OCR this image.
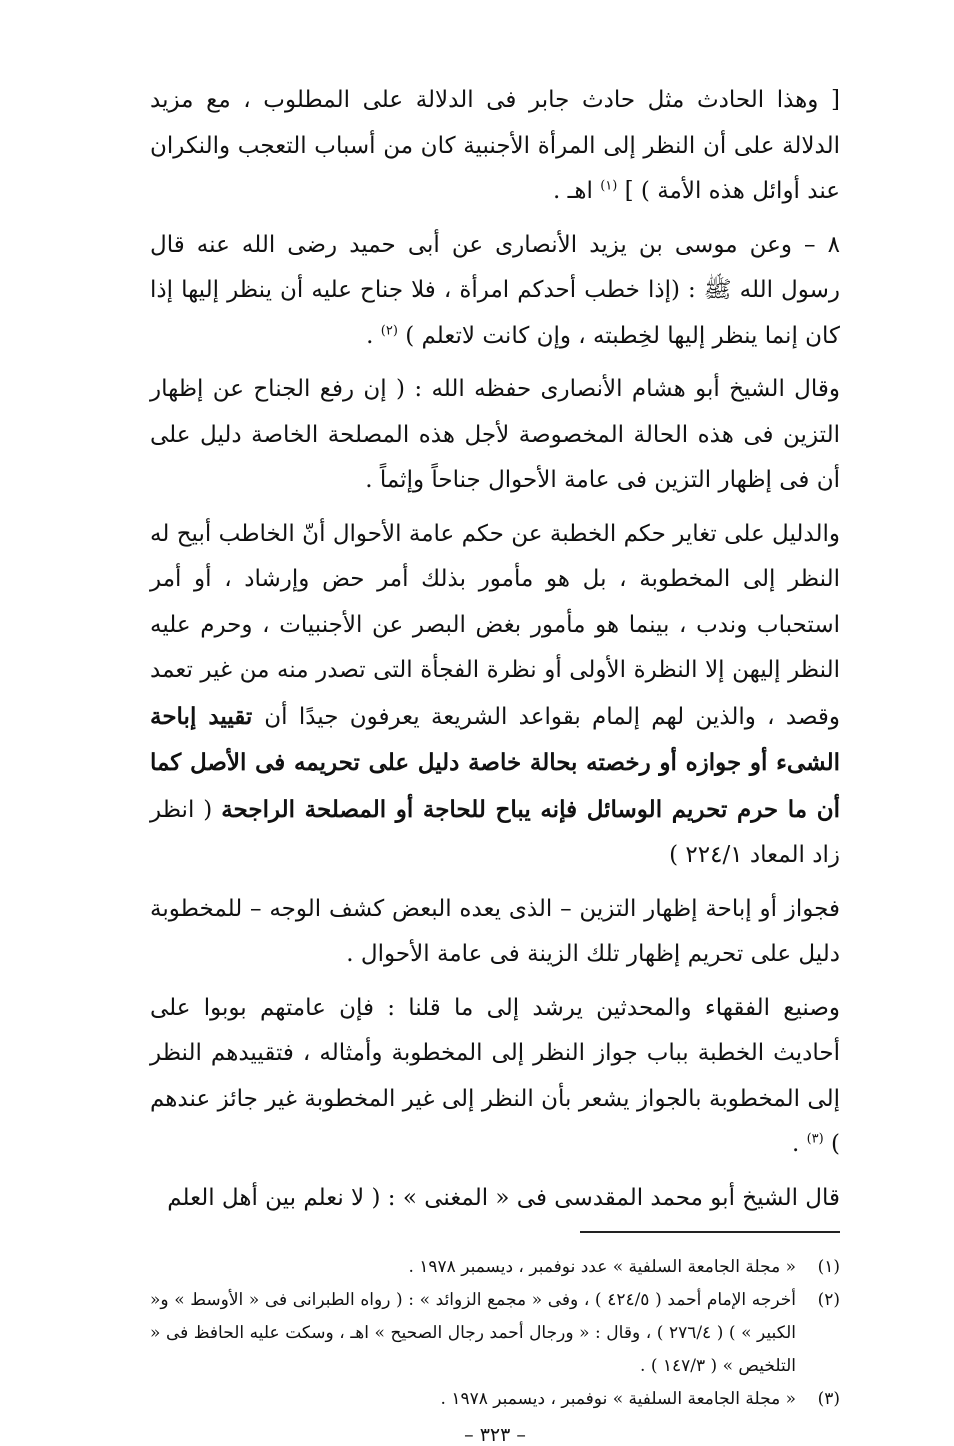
[ وهذا الحادث مثل حادث جابر فى الدلالة على المطلوب ، مع مزيد الدلالة على أن النظر إلى المرأة الأجنبية كان من أسباب التعجب والنكران عند أوائل هذه الأمة ) ] $^{(١)}$ اهـ .

٨ – وعن موسى بن يزيد الأنصارى عن أبى حميد رضى الله عنه قال رسول الله ﷺ : (إذا خطب أحدكم امرأة ، فلا جناح عليه أن ينظر إليها إذا كان إنما ينظر إليها لخِطبته ، وإن كانت لاتعلم ) $^{(٢)}$ .

وقال الشيخ أبو هشام الأنصارى حفظه الله : ( إن رفع الجناح عن إظهار التزين فى هذه الحالة المخصوصة لأجل هذه المصلحة الخاصة دليل على أن فى إظهار التزين فى عامة الأحوال جناحاً وإثماً .

والدليل على تغاير حكم الخطبة عن حكم عامة الأحوال أنّ الخاطب أبيح له النظر إلى المخطوبة ، بل هو مأمور بذلك أمر حض وإرشاد ، أو أمر استحباب وندب ، بينما هو مأمور بغض البصر عن الأجنبيات ، وحرم عليه النظر إليهن إلا النظرة الأولى أو نظرة الفجأة التى تصدر منه من غير تعمد وقصد ، والذين لهم إلمام بقواعد الشريعة يعرفون جيدًا أن تقييد إباحة الشىء أو جوازه أو رخصته بحالة خاصة دليل على تحريمه فى الأصل كما أن ما حرم تحريم الوسائل فإنه يباح للحاجة أو المصلحة الراجحة ( انظر زاد المعاد ٢٢٤/١ )

فجواز أو إباحة إظهار التزين – الذى يعده البعض كشف الوجه – للمخطوبة دليل على تحريم إظهار تلك الزينة فى عامة الأحوال .

وصنيع الفقهاء والمحدثين يرشد إلى ما قلنا : فإن عامتهم بوبوا على أحاديث الخطبة بباب جواز النظر إلى المخطوبة وأمثاله ، فتقييدهم النظر إلى المخطوبة بالجواز يشعر بأن النظر إلى غير المخطوبة غير جائز عندهم ) $^{(٣)}$ .

قال الشيخ أبو محمد المقدسى فى « المغنى » : ( لا نعلم بين أهل العلم

(١)
« مجلة الجامعة السلفية » عدد نوفمبر ، ديسمبر ١٩٧٨ .
(٢)
أخرجه الإمام أحمد ( ٤٢٤/٥ ) ، وفى « مجمع الزوائد » : ( رواه الطبرانى فى « الأوسط » و« الكبير » ) ( ٢٧٦/٤ ) ، وقال : « ورجال أحمد رجال الصحيح » اهـ ، وسكت عليه الحافظ فى « التلخيص » ( ١٤٧/٣ ) .
(٣)
« مجلة الجامعة السلفية » نوفمبر ، ديسمبر ١٩٧٨ .
– ٣٢٣ –
